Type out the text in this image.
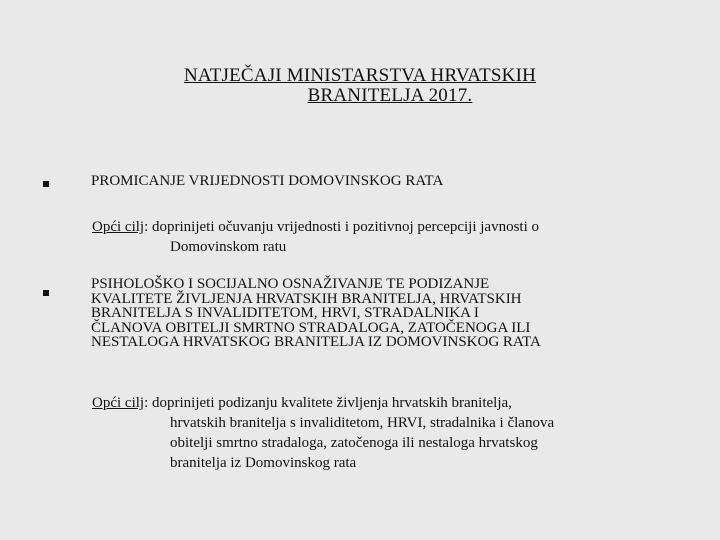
NATJEČAJI MINISTARSTVA HRVATSKIH
BRANITELJA 2017.
PROMICANJE VRIJEDNOSTI DOMOVINSKOG RATA
Opći cilj: doprinijeti očuvanju vrijednosti i pozitivnoj percepciji javnosti o
Domovinskom ratu
PSIHOLOŠKO I SOCIJALNO OSNAŽIVANJE TE PODIZANJE
KVALITETE ŽIVLJENJA HRVATSKIH BRANITELJA, HRVATSKIH
BRANITELJA S INVALIDITETOM, HRVI, STRADALNIKA I
ČLANOVA OBITELJI SMRTNO STRADALOGA, ZATOČENOGA ILI
NESTALOGA HRVATSKOG BRANITELJA IZ DOMOVINSKOG RATA
Opći cilj: doprinijeti podizanju kvalitete življenja hrvatskih branitelja,
hrvatskih branitelja s invaliditetom, HRVI, stradalnika i članova
obitelji smrtno stradaloga, zatočenoga ili nestaloga hrvatskog
branitelja iz Domovinskog rata
